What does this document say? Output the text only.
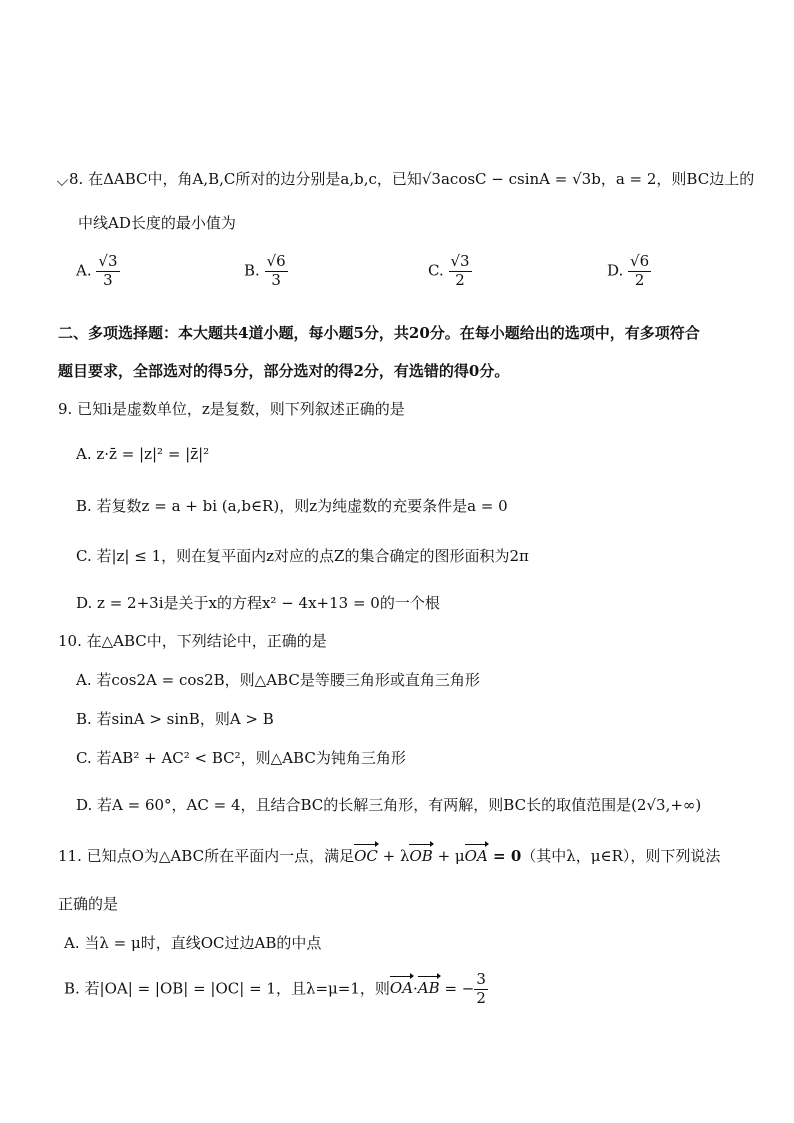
8. 在ΔABC中，角A,B,C所对的边分别是a,b,c，已知√3acosC − csinA = √3b，a = 2，则BC边上的
中线AD长度的最小值为
A. $\frac{√3}{3}$	B. $\frac{√6}{3}$	C. $\frac{√3}{2}$	D. $\frac{√6}{2}$
二、多项选择题：本大题共4道小题，每小题5分，共20分。在每小题给出的选项中，有多项符合
题目要求，全部选对的得5分，部分选对的得2分，有选错的得0分。
9. 已知i是虚数单位，z是复数，则下列叙述正确的是
A. z·z̄ = |z|² = |z̄|²
B. 若复数z = a + bi (a,b∈R)，则z为纯虚数的充要条件是a = 0
C. 若|z| ≤ 1，则在复平面内z对应的点Z的集合确定的图形面积为2π
D. z = 2+3i是关于x的方程x² − 4x+13 = 0的一个根
10. 在△ABC中，下列结论中，正确的是
A. 若cos2A = cos2B，则△ABC是等腰三角形或直角三角形
B. 若sinA > sinB，则A > B
C. 若AB² + AC² < BC²，则△ABC为钝角三角形
D. 若A = 60°，AC = 4，且结合BC的长解三角形，有两解，则BC长的取值范围是(2√3,+∞)
11. 已知点O为△ABC所在平面内一点，满足OC + λOB + μOA = 0（其中λ，μ∈R），则下列说法
正确的是
A. 当λ = μ时，直线OC过边AB的中点
B. 若|OA| = |OB| = |OC| = 1，且λ=μ=1，则OA·AB = − $\frac{3}{2}$
